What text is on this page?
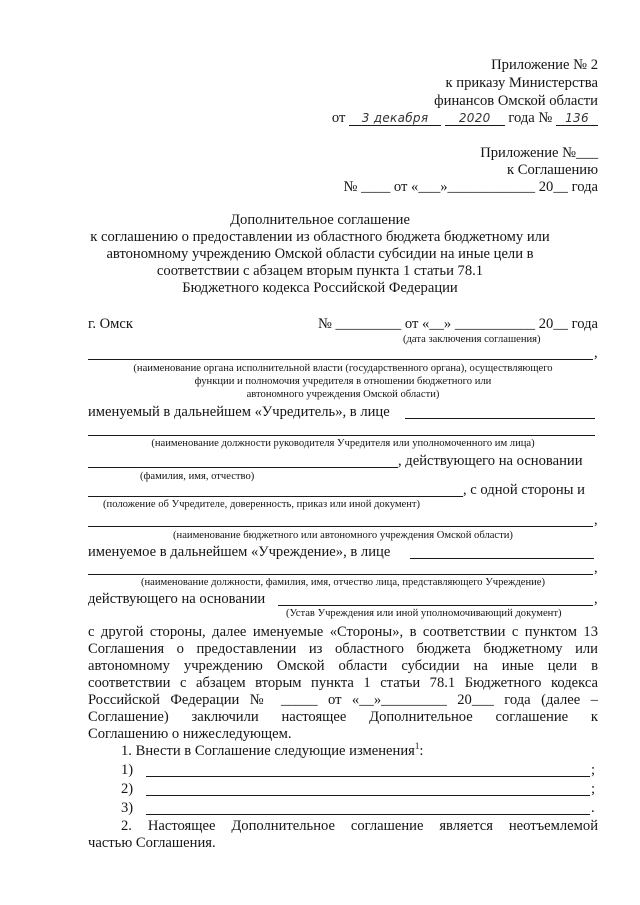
Приложение № 2
к приказу Министерства
финансов Омской области
от 3 декабря	2020 года № 136
Приложение №___
к Соглашению
№ ____ от «___»____________ 20__ года
Дополнительное соглашение
к соглашению о предоставлении из областного бюджета бюджетному или
автономному учреждению Омской области субсидии на иные цели в
соответствии с абзацем вторым пункта 1 статьи 78.1
Бюджетного кодекса Российской Федерации
г. Омск	№ _________ от «__» ___________ 20__ года
(дата заключения соглашения)
,
(наименование органа исполнительной власти (государственного органа), осуществляющего
функции и полномочия учредителя в отношении бюджетного или
автономного учреждения Омской области)
именуемый в дальнейшем «Учредитель», в лице
(наименование должности руководителя Учредителя или уполномоченного им лица)
, действующего на основании
(фамилия, имя, отчество)
, с одной стороны и
(положение об Учредителе, доверенность, приказ или иной документ)
,
(наименование бюджетного или автономного учреждения Омской области)
именуемое в дальнейшем «Учреждение», в лице
,
(наименование должности, фамилия, имя, отчество лица, представляющего Учреждение)
действующего на основании	,
(Устав Учреждения или иной уполномочивающий документ)
с другой стороны, далее именуемые «Стороны», в соответствии с пунктом 13
Соглашения о предоставлении из областного бюджета бюджетному или
автономному учреждению Омской области субсидии на иные цели в
соответствии с абзацем вторым пункта 1 статьи 78.1 Бюджетного кодекса
Российской Федерации № _____ от «__»_________ 20___ года (далее –
Соглашение) заключили настоящее Дополнительное соглашение к
Соглашению о нижеследующем.
1. Внести в Соглашение следующие изменения$^1$:
1)	;
2)	;
3)	.
2. Настоящее Дополнительное соглашение является неотъемлемой
частью Соглашения.
